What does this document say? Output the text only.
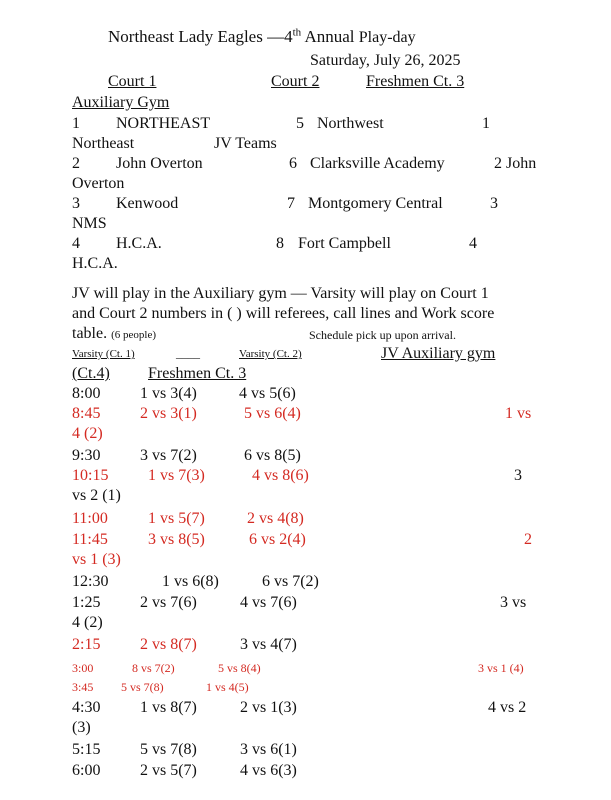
Northeast Lady Eagles —4th Annual Play-day
Saturday, July 26, 2025
Court 1	Court 2	Freshmen Ct. 3
Auxiliary Gym
1 NORTHEAST	5 Northwest	1
Northeast	JV Teams
2 John Overton	6 Clarksville Academy	2 John
Overton
3 Kenwood	7 Montgomery Central	3
NMS
4 H.C.A.	8 Fort Campbell	4
H.C.A.
JV will play in the Auxiliary gym — Varsity will play on Court 1
and Court 2 numbers in ( ) will referees, call lines and Work score
table. (6 people)	Schedule pick up upon arrival.
Varsity (Ct. 1)	____	Varsity (Ct. 2)	JV Auxiliary gym
(Ct.4) Freshmen Ct. 3
8:00 1 vs 3(4)	4 vs 5(6)
8:45 2 vs 3(1)	5 vs 6(4)	1 vs
4 (2)
9:30 3 vs 7(2)	6 vs 8(5)
10:15 1 vs 7(3)	4 vs 8(6)	3
vs 2 (1)
11:00	1 vs 5(7)	2 vs 4(8)
11:45	3 vs 8(5)	6 vs 2(4)	2
vs 1 (3)
12:30	1 vs 6(8)	6 vs 7(2)
1:25 2 vs 7(6)	4 vs 7(6)	3 vs
4 (2)
2:15 2 vs 8(7)	3 vs 4(7)
3:00	8 vs 7(2)	5 vs 8(4)	3 vs 1 (4)
3:45 5 vs 7(8)	1 vs 4(5)
4:30 1 vs 8(7)	2 vs 1(3)	4 vs 2
(3)
5:15 5 vs 7(8)	3 vs 6(1)
6:00 2 vs 5(7)	4 vs 6(3)
